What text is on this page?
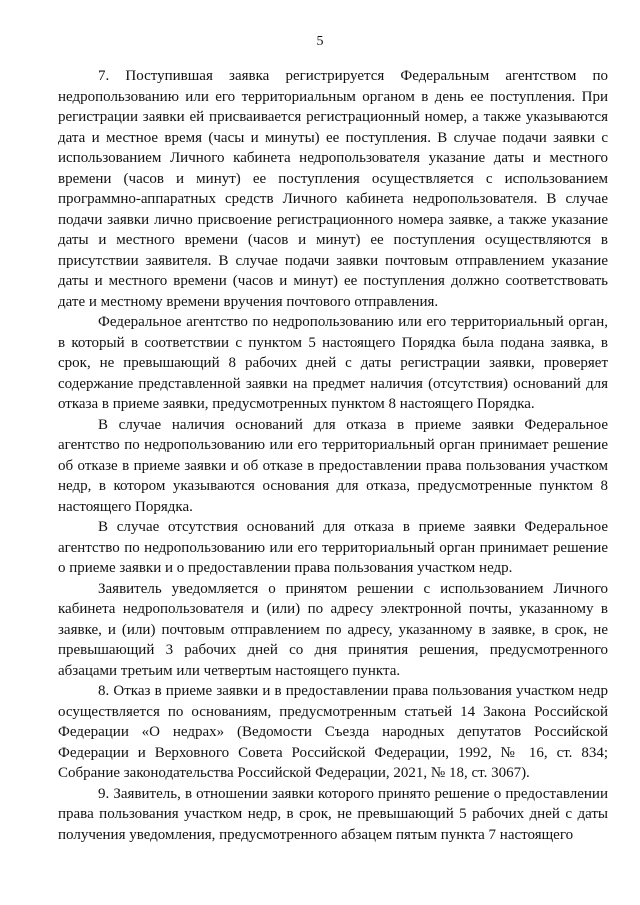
5

7. Поступившая заявка регистрируется Федеральным агентством по недропользованию или его территориальным органом в день ее поступления. При регистрации заявки ей присваивается регистрационный номер, а также указываются дата и местное время (часы и минуты) ее поступления. В случае подачи заявки с использованием Личного кабинета недропользователя указание даты и местного времени (часов и минут) ее поступления осуществляется с использованием программно-аппаратных средств Личного кабинета недропользователя. В случае подачи заявки лично присвоение регистрационного номера заявке, а также указание даты и местного времени (часов и минут) ее поступления осуществляются в присутствии заявителя. В случае подачи заявки почтовым отправлением указание даты и местного времени (часов и минут) ее поступления должно соответствовать дате и местному времени вручения почтового отправления.

Федеральное агентство по недропользованию или его территориальный орган, в который в соответствии с пунктом 5 настоящего Порядка была подана заявка, в срок, не превышающий 8 рабочих дней с даты регистрации заявки, проверяет содержание представленной заявки на предмет наличия (отсутствия) оснований для отказа в приеме заявки, предусмотренных пунктом 8 настоящего Порядка.

В случае наличия оснований для отказа в приеме заявки Федеральное агентство по недропользованию или его территориальный орган принимает решение об отказе в приеме заявки и об отказе в предоставлении права пользования участком недр, в котором указываются основания для отказа, предусмотренные пунктом 8 настоящего Порядка.

В случае отсутствия оснований для отказа в приеме заявки Федеральное агентство по недропользованию или его территориальный орган принимает решение о приеме заявки и о предоставлении права пользования участком недр.

Заявитель уведомляется о принятом решении с использованием Личного кабинета недропользователя и (или) по адресу электронной почты, указанному в заявке, и (или) почтовым отправлением по адресу, указанному в заявке, в срок, не превышающий 3 рабочих дней со дня принятия решения, предусмотренного абзацами третьим или четвертым настоящего пункта.

8. Отказ в приеме заявки и в предоставлении права пользования участком недр осуществляется по основаниям, предусмотренным статьей 14 Закона Российской Федерации «О недрах» (Ведомости Съезда народных депутатов Российской Федерации и Верховного Совета Российской Федерации, 1992, № 16, ст. 834; Собрание законодательства Российской Федерации, 2021, № 18, ст. 3067).

9. Заявитель, в отношении заявки которого принято решение о предоставлении права пользования участком недр, в срок, не превышающий 5 рабочих дней с даты получения уведомления, предусмотренного абзацем пятым пункта 7 настоящего
